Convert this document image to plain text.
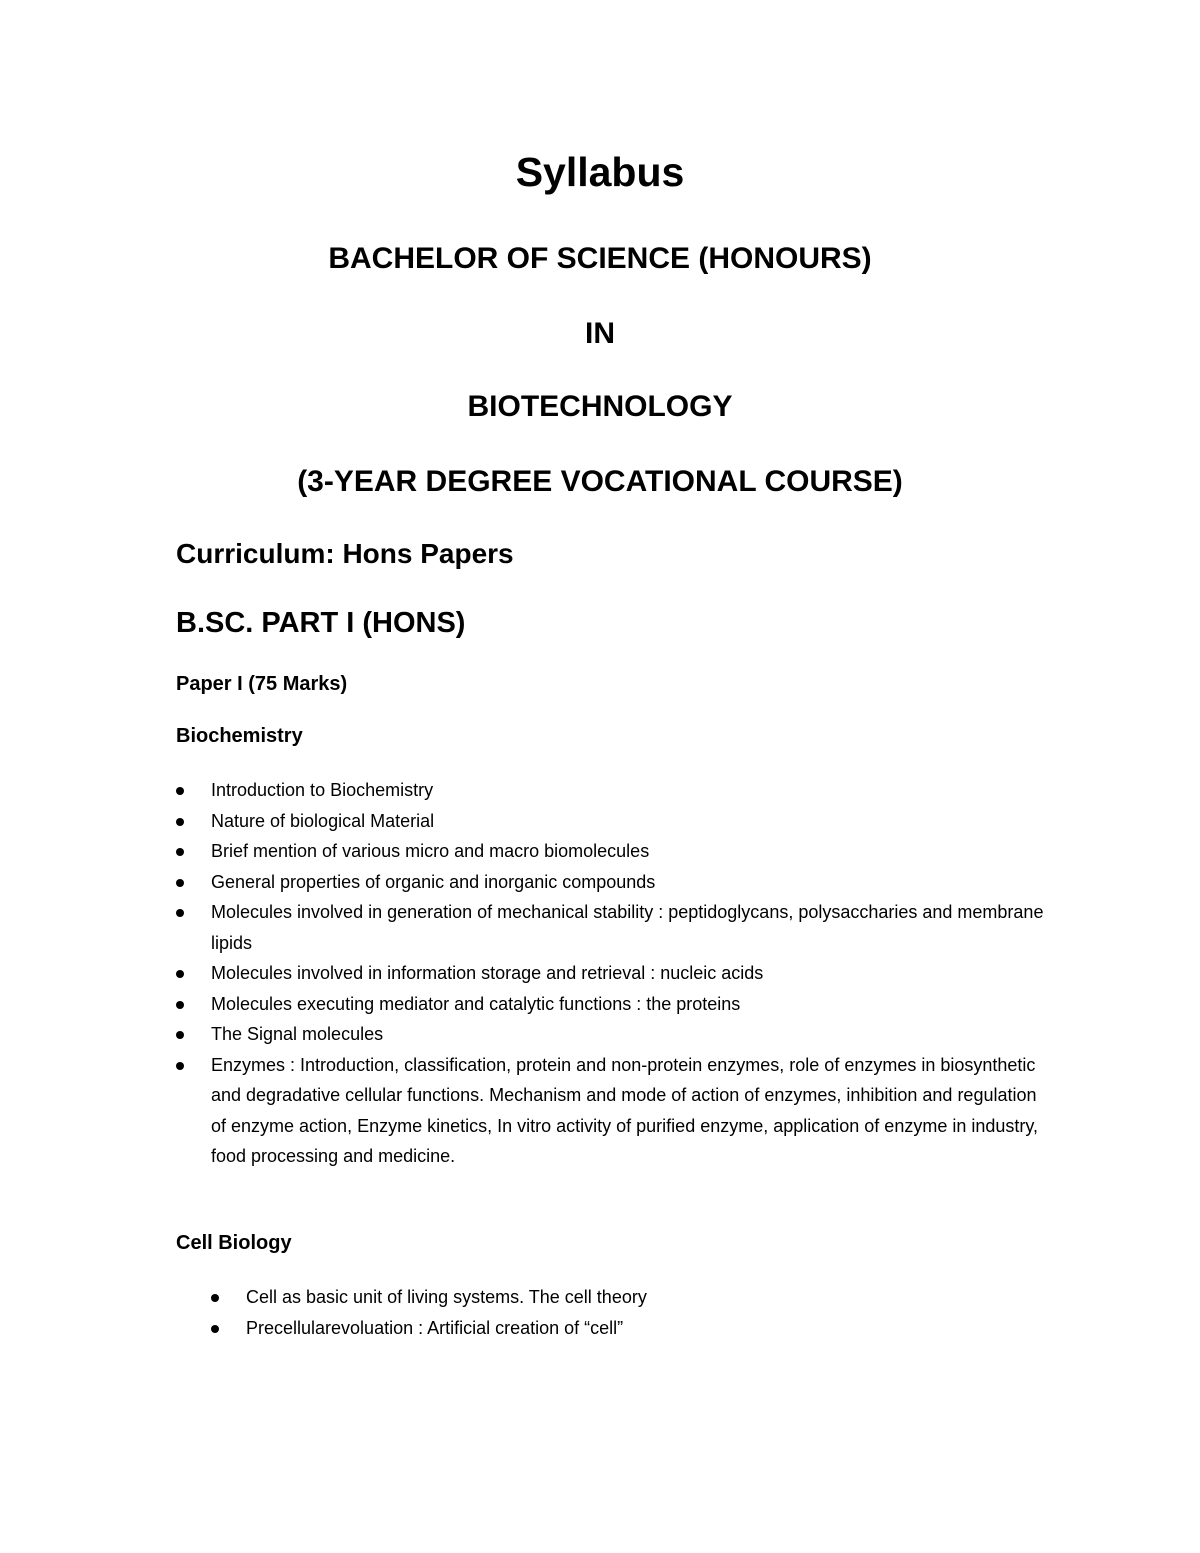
Syllabus
BACHELOR OF SCIENCE (HONOURS)
IN
BIOTECHNOLOGY
(3-YEAR DEGREE VOCATIONAL COURSE)
Curriculum: Hons Papers
B.SC. PART I (HONS)
Paper I (75 Marks)
Biochemistry
Introduction to Biochemistry
Nature of biological Material
Brief mention of various micro and macro biomolecules
General properties of organic and inorganic compounds
Molecules involved in generation of mechanical stability : peptidoglycans, polysaccharies and membrane lipids
Molecules involved in information storage and retrieval : nucleic acids
Molecules executing mediator and catalytic functions : the proteins
The Signal molecules
Enzymes : Introduction, classification, protein and non-protein enzymes, role of enzymes in biosynthetic and degradative cellular functions. Mechanism and mode of action of enzymes, inhibition and regulation of enzyme action, Enzyme kinetics, In vitro activity of purified enzyme, application of enzyme in industry, food processing and medicine.
Cell Biology
Cell as basic unit of living systems. The cell theory
Precellularevoluation : Artificial creation of “cell”
